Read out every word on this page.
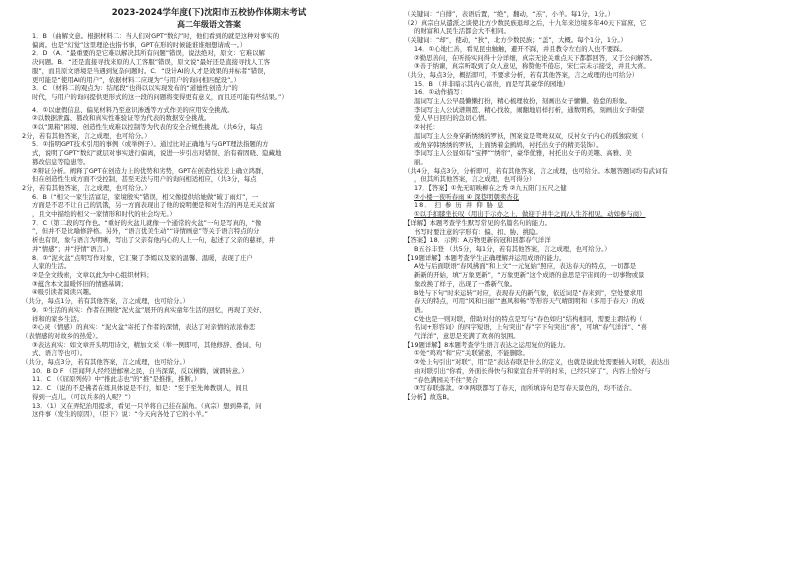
2023-2024学年度(下)沈阳市五校协作体期末考试
高二年级语文答案
1．B （曲解文意。根据材料二：当人们对GPT“数幻”时，他们看到的就是这种对事实的
偏离。也是“幻觉”这里理论也指书事，GPT在形的时候能谁谁细想请成一。）
2．D （A．“最重要的是它难以解决其所有问题”错误，说法绝对，原文：它难以解
决问题。B．“还是直接寻找来原的人工客服”错误，原文说“最好还是直接寻找人工客
服”，而且原文语境是当遇到复杂问题时。C．“设计AI的人才是效果的并标者”错误，
更可能是“使用AI的用户”，依据材料二应现为“与用户的询问相匹配设”。）
3．C （材料二的观点为：结尾段“也得以以实现发布的“道德性创造力”的
时代，与用户的询问提供更形式的这一段的问题将变得更有意义，而且还可能有些结果。”）
4．①以虚假信息、偏见材料乃至意识渗透等方式作美的应用安全挑战。
②以数据泄露、篡改和真实性难验证等为代表的数据安全挑战。
③以“黑箱”困境、创造性生成难以控制等为代表的安全合规性挑战。（共6分，每点
2分，若有其他答案，言之成理，也可给分。）
5．①指明GPT技术引用的事例（或举例子）。通过比对正确地与与GPT理法指题的方
式，说明了GPT“数幻”就层对事实进行偏离，说进一步引出对错误、治有着固晓、隐藏地
篡改信息等隐患等。
②辩证分析。阐释了GPT在创造力上的优势和劣势，GPT在创造性较差上确立鸿群，
但在创造性生成方面不受控制，甚至无法与用户的询问相适相应，（共3分，每点
2分，若有其他答案，言之成理，也可给分。）
6．B（“相父一家生活富足，家境殷实”错误，相父像提供给她做“破丁雨灯”，一
方面是不忍不让自己的饥饿，另一方面表现出了他的说明便是和对生活的再足无关贫富
，且文中描绘的相父一家情形和时代的社会均无。）
7．C（第二段的写作也。“重好的火盆儿就像一个通常的火盆”一句是写真的，“像
”，但并不是比喻修辞格。另外，“语言优美生动”“诗情画意”等关于语言特点的分
析也有误，象与语言为明晰，写出了父亲有他内心的人上一句，起述了父亲的慈祥，并
并“情感”；并“抒情”语言。）
8．①“泥火盆”点明写作对象，它汇聚了李嫣以及家的温馨、温暖，表现了庄户
人家的生活。
②是全文线索，文章以此为中心组织材料；
③蕴含本文温暖怀旧的情感基调；
④吸引读者阅读兴趣。
（共分，每点1分，若有其他答案，言之成理，也可给分。）
9．①生活的真实：作者在围绕“泥火盆”展开的真实童年生活的回忆，再现了美好、
祥和的家乡生活。
②心灵（情感）的真实：“泥火盆”寄托了作者的深情，表达了对亲情的浓浓眷恋
（表情感的对故乡的热爱）。
③表达真实：如文章开头明用诗文，精加文采（举一例即可，其他修辞、叠词、句
式、语言等也可）。
（共分，每点3分，若有其他答案，言之成理，也可给分。）
10．B D F （臣闻拜人经经进邮寨之民，自当深谋，反以横腾，诚谓转意。）
11．C （《屈原列传》中“推此志也”的“推”是推推，推断。）
12．C （说的不是佛者在练具体说是不行，如是：“至于至先帅教别人，间且
得到一点儿。（可以兵多的人呢？”）
13．（1）又在弄纪治用提求，看见一只羊将自己挂在漏角。（真宗）想到鼻者，问
这件事（发生的原因），（臣下）说：“今天向各处了它的小羊。”
（关键词：“自排”，表语后置，“绝”，翻动，“羔”，小羊。每1分，1分。）
（2）真宗白从遣派之谈使北方少数民族退却之后，十九年来边境多年40天下富庶，它
的财富和人民生活都会大不相同。
（关键词：“却”，使动，“狄”，北方少数民族；“盖”，大概。每个1分，1分。）
14．①心地仁善，看见昆虫触触，避开不踩，并且教令左右的人也不要踩。
②勤思善问，在听扬实问得十分详细，真宗无论关重点天下都都回答，又于公问解答。
③善于纳谏，真宗听取到了众人意见，称赞他不倦忘，宋仁宗未示接受，并且大喜。
（共分，每点3分，概括即可，不要求分析，若有其他答案，言之成理的也可给分）
15．B （并非暗示其内心富贵，而是写其豪华的园地）
16．①动作描写：
温词写主人公早晨懒懒打扮，精心梳理妆扮，刻画出女子慵懒、倦怠的形象。
李词写主人公试谱荆琶、精心找妆，闹翻地眉样打析，通数明鸦，刻画出女子盼望
爱人早日回归的急切心情。
②衬托：
温词写主人公身穿新绣绣的罗袄，图案竟是鸳鸯双双，反衬女子内心的孤独寂寞（
或角穿韩绣绣的罗袄，上面绣着金鹧鸪，衬托出女子的精美装饰）。
李词写主人公显如有“宝押”“绣帘”，豪华优雅，衬托出女子的美趣、高雅、美
丽。
（共4分，每点3分，分析即可，若有其他答案，言之成理，也可给分。本题答题词均有武词有
，但其所其他答案，言之成理，也可得分）
17．【答案】①先无昭映柳在之秀 ②九五阳门五尺之健
②小楼一夜听春雨 ④ 深巷明朝卖杏花
18． 扫 参 历 井 仰 胁 息
①以手扣膝坐长叹（用出于示办之上，做迎于井牛之间/人生芥相见，动如参与商）
【详解】本题考查学生默写常见的名篇名句的能力。
书写时要注意的字形有：偏、扣、胁、挑隐。
【答案】18．示例：A万物更新钧冠和回都春气洋洋
B五谷丰登 （共5分，每1分，若有其他答案，言之成理，也可给分。）
【19题详解】本题考查学生正确理解并运用成语的能力。
A处与后面联语“春风拂面”和上文“一元复始”照应，表达春天的特点，一切都是
新新的开始，填“万象更新”，“万象更新”这个成语的意思是宇宙间的一切事物或景
象改换了样子，出现了一番新气象。
B处与下句“时来运转”对应，表现春天的新气象，依近词是“春来到”，空处要求用
春天的特点，可用“风和日丽”“惠风和畅”等形容天气晴朗明和（多用于春天）的成
语。
C处也是一则对联，借助对付的特点是写与“春色如归”结构相同，需要主谓结构（
名词+形容词）的四字短语，上句突出“春”字下句突出“喜”，可填“春气洋洋”、“喜
气洋洋”，意思是充满了欢喜的氛围。
【19题详解】8本题考查学生语言表达之运用复位的能力。
①处“鸡鸡”和“应”关联紧密，不能删除。
②处上句引出“对联”，用“是”表达春联是什么的定义，也就是说此处需要插入对联，表达出
由对联引出“你看，外面长得快与和家宣台开平的时米，已经只穿了”，内容上恰好与
“春色满园关不住”契合
③写春联落款。②③两联都写了春天，而所填诗句是写春天景色的，均不适合。
【分析】故选B。
